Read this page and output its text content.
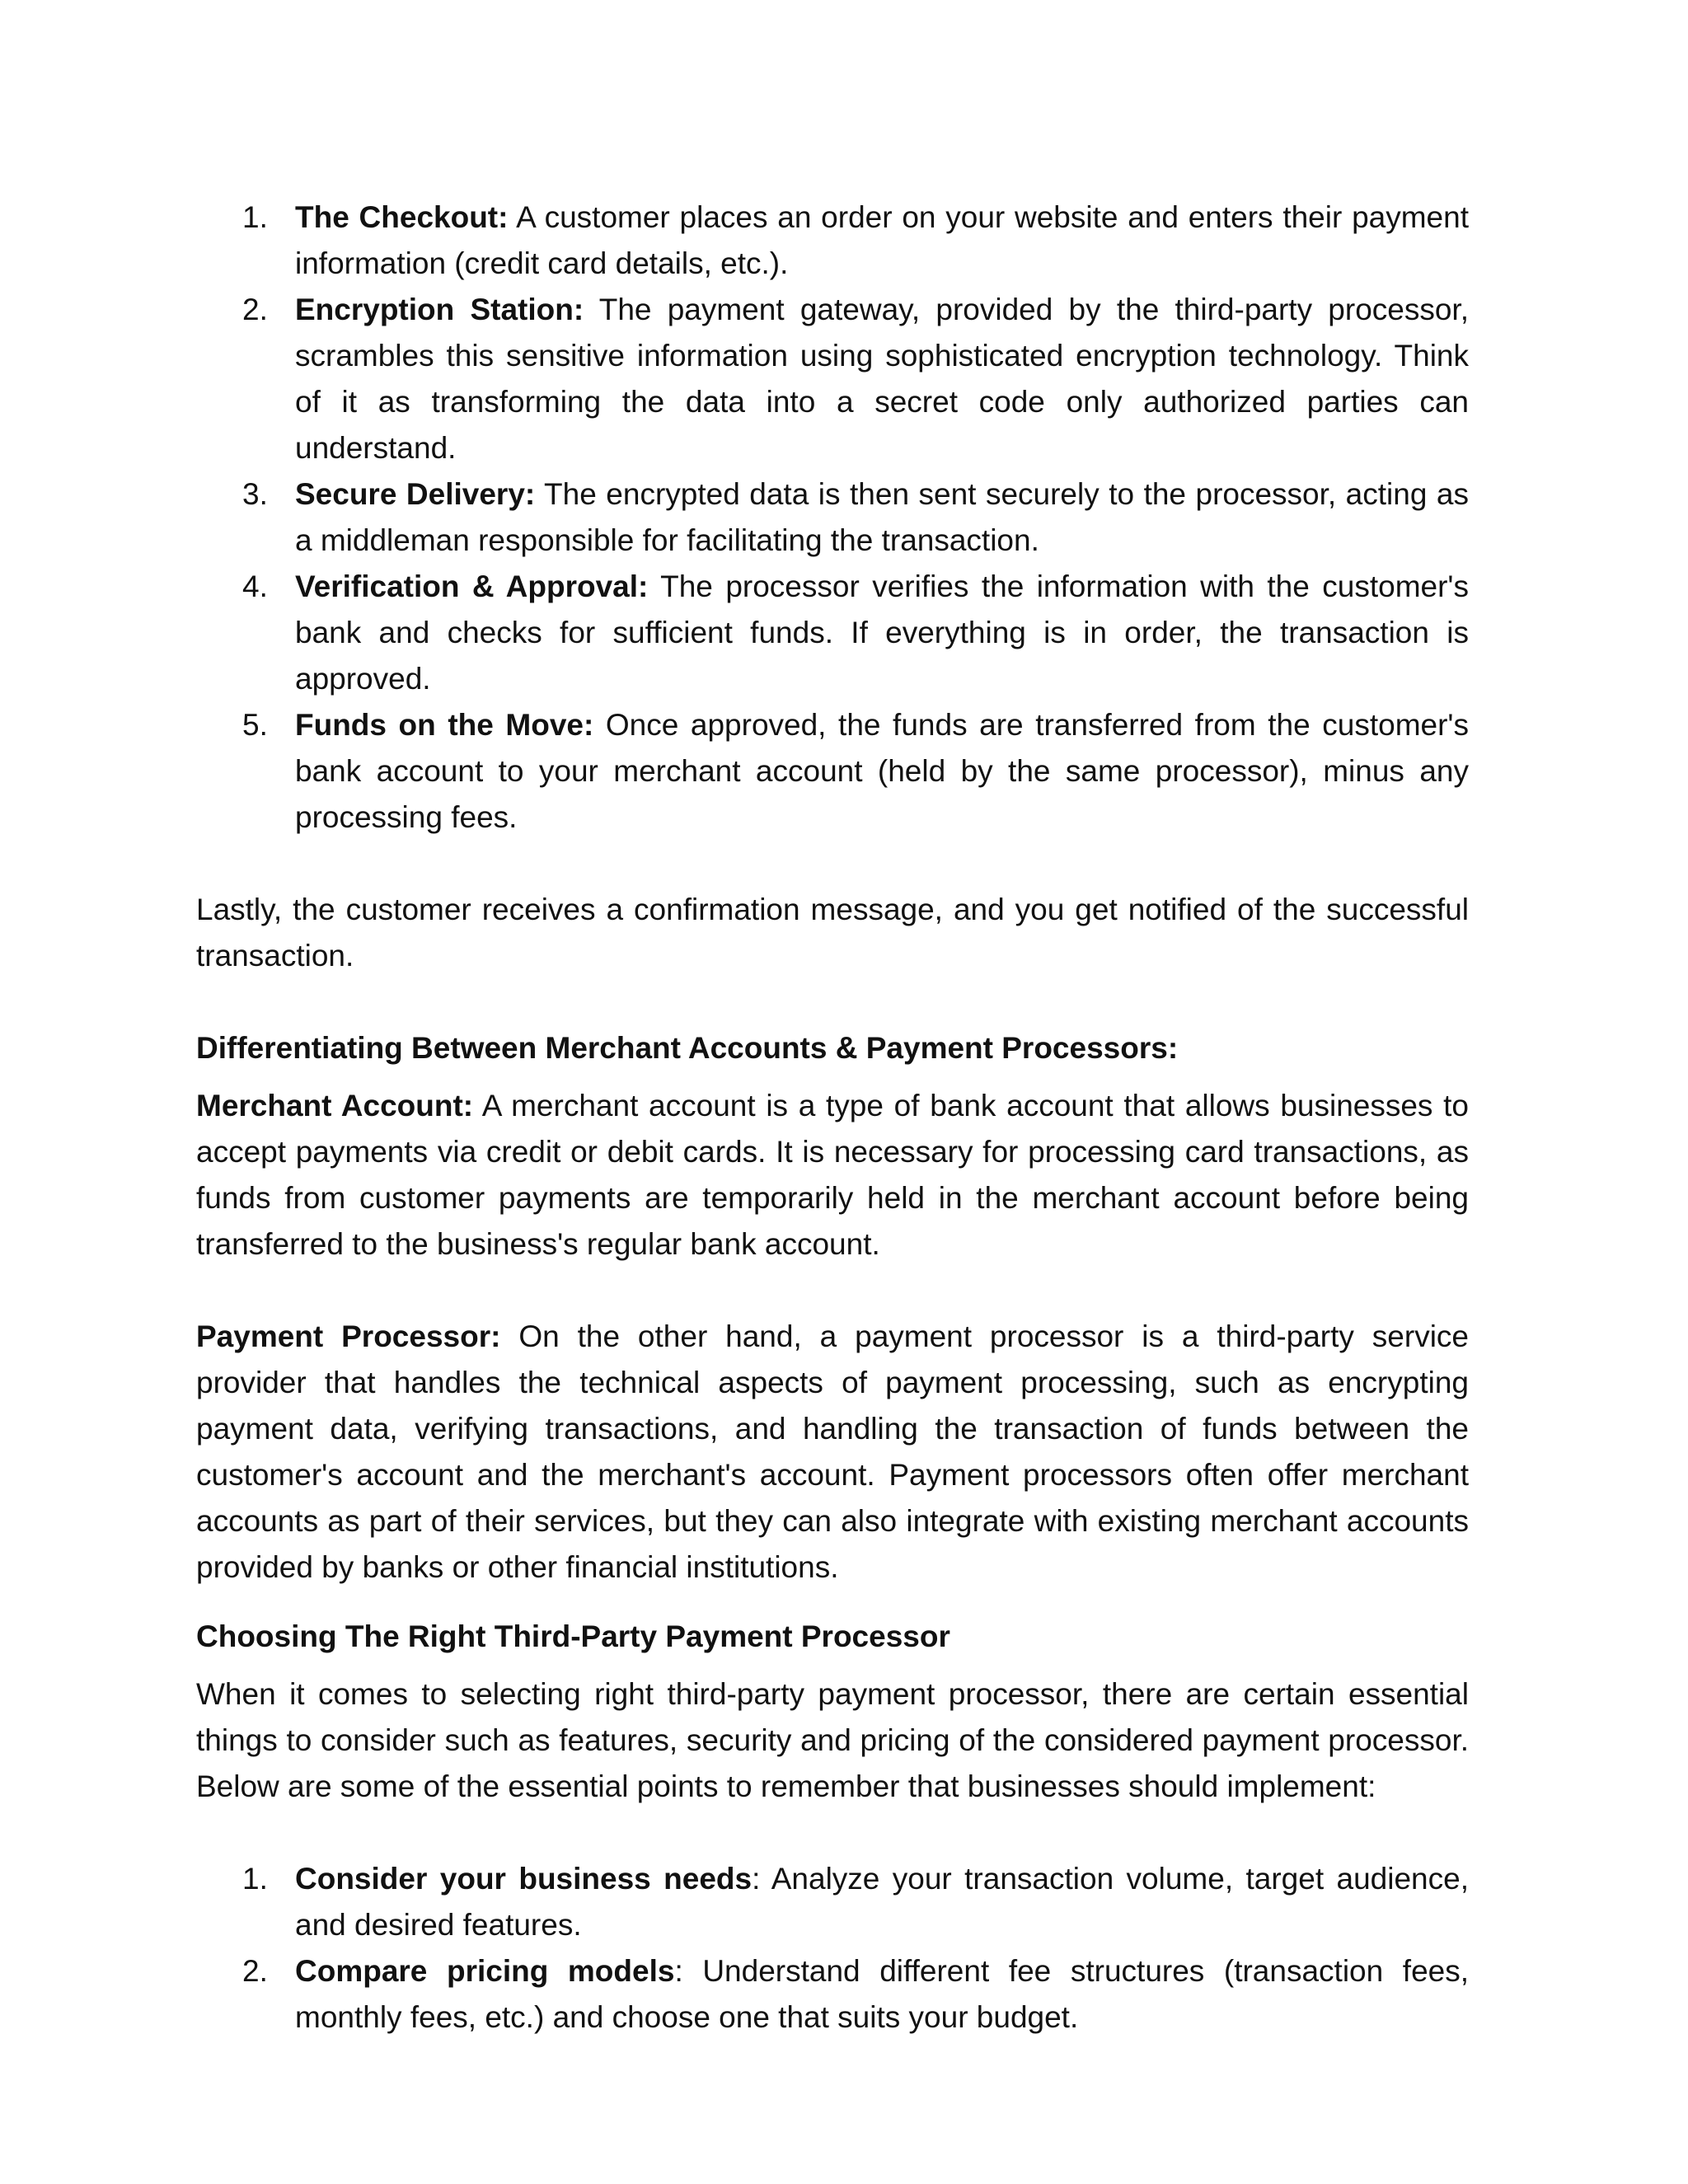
1. The Checkout: A customer places an order on your website and enters their payment information (credit card details, etc.).
2. Encryption Station: The payment gateway, provided by the third-party processor, scrambles this sensitive information using sophisticated encryption technology. Think of it as transforming the data into a secret code only authorized parties can understand.
3. Secure Delivery: The encrypted data is then sent securely to the processor, acting as a middleman responsible for facilitating the transaction.
4. Verification & Approval: The processor verifies the information with the customer's bank and checks for sufficient funds. If everything is in order, the transaction is approved.
5. Funds on the Move: Once approved, the funds are transferred from the customer's bank account to your merchant account (held by the same processor), minus any processing fees.

Lastly, the customer receives a confirmation message, and you get notified of the successful transaction.

Differentiating Between Merchant Accounts & Payment Processors:

Merchant Account: A merchant account is a type of bank account that allows businesses to accept payments via credit or debit cards. It is necessary for processing card transactions, as funds from customer payments are temporarily held in the merchant account before being transferred to the business's regular bank account.

Payment Processor: On the other hand, a payment processor is a third-party service provider that handles the technical aspects of payment processing, such as encrypting payment data, verifying transactions, and handling the transaction of funds between the customer's account and the merchant's account. Payment processors often offer merchant accounts as part of their services, but they can also integrate with existing merchant accounts provided by banks or other financial institutions.

Choosing The Right Third-Party Payment Processor

When it comes to selecting right third-party payment processor, there are certain essential things to consider such as features, security and pricing of the considered payment processor. Below are some of the essential points to remember that businesses should implement:

1. Consider your business needs: Analyze your transaction volume, target audience, and desired features.
2. Compare pricing models: Understand different fee structures (transaction fees, monthly fees, etc.) and choose one that suits your budget.
